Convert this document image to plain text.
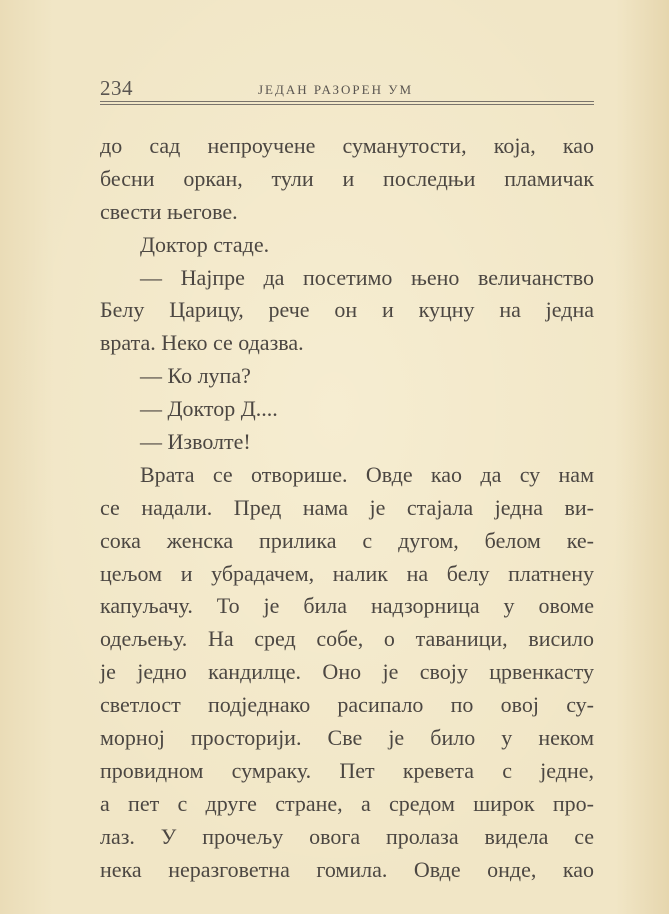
234	ЈЕДАН РАЗОРЕН УМ
до сад непроучене суманутости, која, као
бесни оркан, тули и последњи пламичак
свести његове.
Доктор стаде.
— Најпре да посетимо њено величанство
Белу Царицу, рече он и куцну на једна
врата. Неко се одазва.
— Ко лупа?
— Доктор Д....
— Изволте!
Врата се отворише. Овде као да су нам
се надали. Пред нама је стајала једна ви-
сока женска прилика с дугом, белом ке-
цељом и убрадачем, налик на белу платнену
капуљачу. То је била надзорница у овоме
одељењу. На сред собе, о таваници, висило
је једно кандилце. Оно је своју црвенкасту
светлост подједнако расипало по овој су-
морној просторији. Све је било у неком
провидном сумраку. Пет кревета с једне,
а пет с друге стране, а средом широк про-
лаз. У прочељу овога пролаза видела се
нека неразговетна гомила. Овде онде, као
